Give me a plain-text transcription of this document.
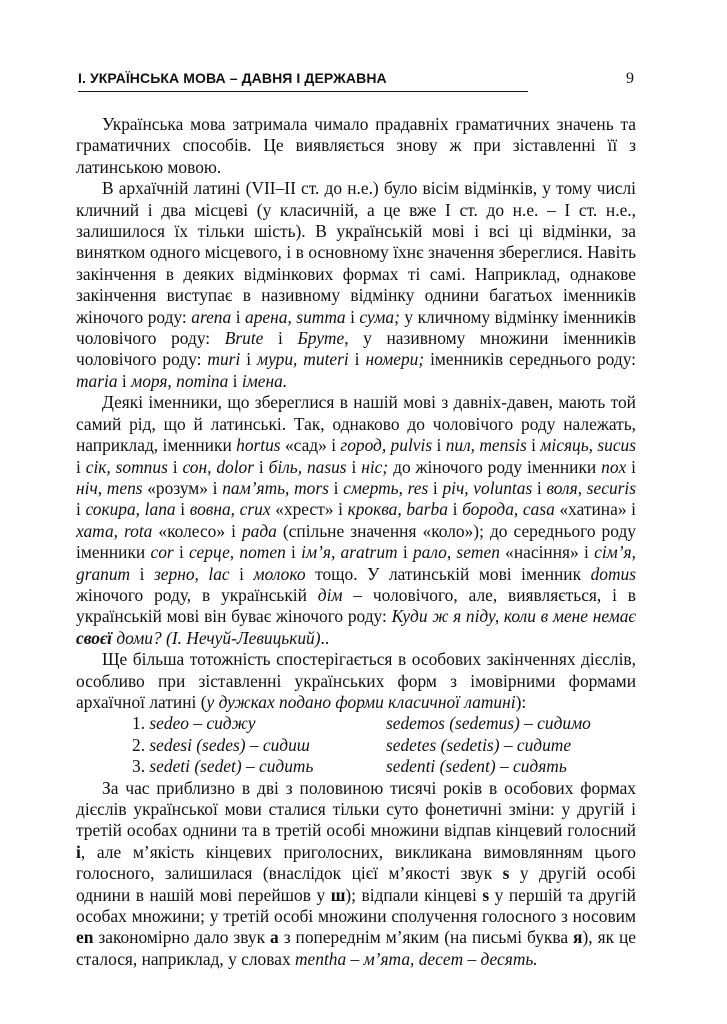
І. УКРАЇНСЬКА МОВА – ДАВНЯ І ДЕРЖАВНА	9

Українська мова затримала чимало прадавніх граматичних значень та граматичних способів. Це виявляється знову ж при зіставленні її з латинською мовою.

В архаїчній латині (VII–II ст. до н.е.) було вісім відмінків, у тому числі кличний і два місцеві (у класичній, а це вже I ст. до н.е. – I ст. н.е., залишилося їх тільки шість). В українській мові і всі ці відмінки, за винятком одного місцевого, і в основному їхнє значення збереглися. Навіть закінчення в деяких відмінкових формах ті самі. Наприклад, однакове закінчення виступає в називному відмінку однини багатьох іменників жіночого роду: arena і арена, summa і сума; у кличному відмінку іменників чоловічого роду: Brute і Бруте, у називному множини іменників чоловічого роду: muri і мури, muteri і номери; іменників середнього роду: maria і моря, nomina і імена.

Деякі іменники, що збереглися в нашій мові з давніх-давен, мають той самий рід, що й латинські. Так, однаково до чоловічого роду належать, наприклад, іменники hortus «сад» і город, pulvis і пил, mensis і місяць, sucus і сік, somnus і сон, dolor і біль, nasus і ніс; до жіночого роду іменники nox і ніч, mens «розум» і пам’ять, mors і смерть, res і річ, voluntas і воля, securis і сокира, lana і вовна, crux «хрест» і кроква, barba і борода, casa «хатина» і хата, rota «колесо» і рада (спільне значення «коло»); до середнього роду іменники cor і серце, nomen і ім’я, aratrum і рало, semen «насіння» і сім’я, granum і зерно, lac і молоко тощо. У латинській мові іменник domus жіночого роду, в українській дім – чоловічого, але, виявляється, і в українській мові він буває жіночого роду: Куди ж я піду, коли в мене немає своєї доми? (І. Нечуй-Левицький)..

Ще більша тотожність спостерігається в особових закінченнях дієслів, особливо при зіставленні українських форм з імовірними формами архаїчної латині (у дужках подано форми класичної латині):

1. sedeo – сиджу	sedemos (sedemus) – сидимо
2. sedesi (sedes) – сидиш	sedetes (sedetis) – сидите
3. sedeti (sedet) – сидить	sedenti (sedent) – сидять

За час приблизно в дві з половиною тисячі років в особових формах дієслів української мови сталися тільки суто фонетичні зміни: у другій і третій особах однини та в третій особі множини відпав кінцевий голосний і, але м’якість кінцевих приголосних, викликана вимовлянням цього голосного, залишилася (внаслідок цієї м’якості звук s у другій особі однини в нашій мові перейшов у ш); відпали кінцеві s у першій та другій особах множини; у третій особі множини сполучення голосного з носовим en закономірно дало звук а з попереднім м’яким (на письмі буква я), як це сталося, наприклад, у словах mentha – м’ята, decem – десять.
